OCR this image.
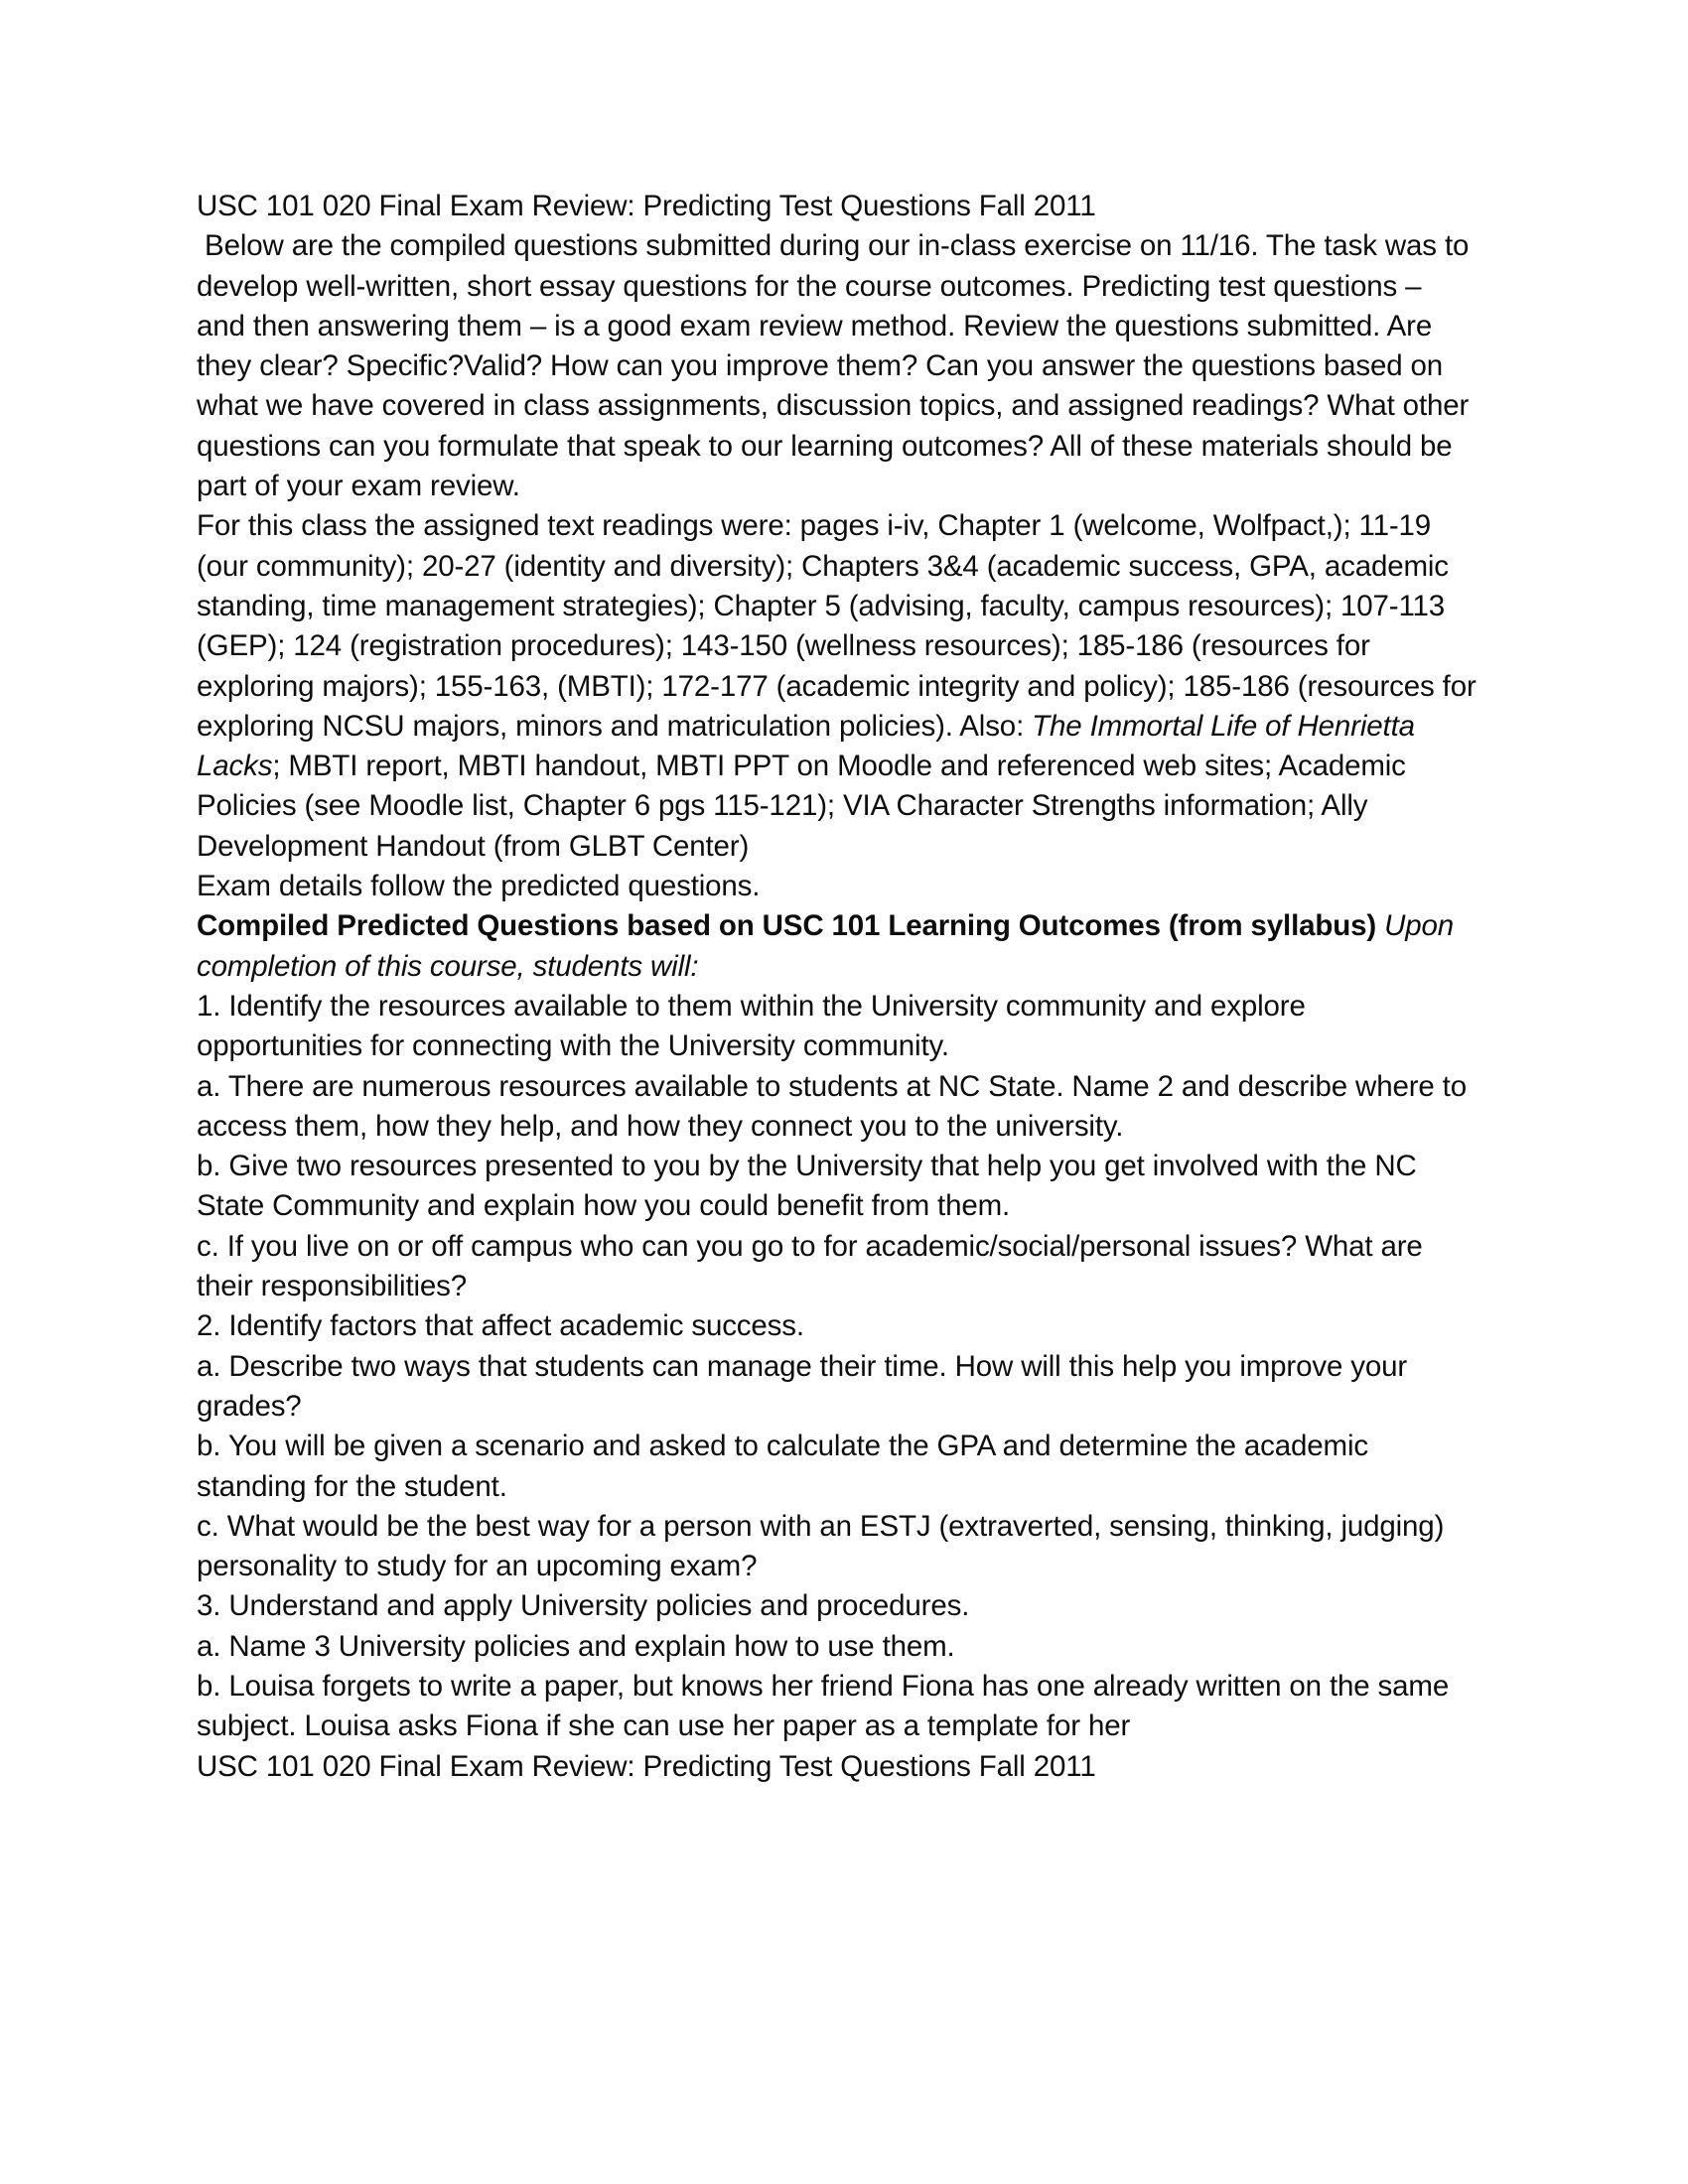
USC 101 020 Final Exam Review: Predicting Test Questions Fall 2011

Below are the compiled questions submitted during our in-class exercise on 11/16. The task was to develop well-written, short essay questions for the course outcomes. Predicting test questions – and then answering them – is a good exam review method. Review the questions submitted. Are they clear? Specific?Valid? How can you improve them? Can you answer the questions based on what we have covered in class assignments, discussion topics, and assigned readings? What other questions can you formulate that speak to our learning outcomes? All of these materials should be part of your exam review.

For this class the assigned text readings were: pages i-iv, Chapter 1 (welcome, Wolfpact,); 11-19 (our community); 20-27 (identity and diversity); Chapters 3&4 (academic success, GPA, academic standing, time management strategies); Chapter 5 (advising, faculty, campus resources); 107-113 (GEP); 124 (registration procedures); 143-150 (wellness resources); 185-186 (resources for exploring majors); 155-163, (MBTI); 172-177 (academic integrity and policy); 185-186 (resources for exploring NCSU majors, minors and matriculation policies). Also: The Immortal Life of Henrietta Lacks; MBTI report, MBTI handout, MBTI PPT on Moodle and referenced web sites; Academic Policies (see Moodle list, Chapter 6 pgs 115-121); VIA Character Strengths information; Ally Development Handout (from GLBT Center)

Exam details follow the predicted questions.

Compiled Predicted Questions based on USC 101 Learning Outcomes (from syllabus) Upon completion of this course, students will:

1. Identify the resources available to them within the University community and explore opportunities for connecting with the University community.

a. There are numerous resources available to students at NC State. Name 2 and describe where to access them, how they help, and how they connect you to the university.

b. Give two resources presented to you by the University that help you get involved with the NC State Community and explain how you could benefit from them.

c. If you live on or off campus who can you go to for academic/social/personal issues? What are their responsibilities?

2. Identify factors that affect academic success.

a. Describe two ways that students can manage their time. How will this help you improve your grades?

b. You will be given a scenario and asked to calculate the GPA and determine the academic standing for the student.

c. What would be the best way for a person with an ESTJ (extraverted, sensing, thinking, judging) personality to study for an upcoming exam?

3. Understand and apply University policies and procedures.

a. Name 3 University policies and explain how to use them.

b. Louisa forgets to write a paper, but knows her friend Fiona has one already written on the same subject. Louisa asks Fiona if she can use her paper as a template for her

USC 101 020 Final Exam Review: Predicting Test Questions Fall 2011
